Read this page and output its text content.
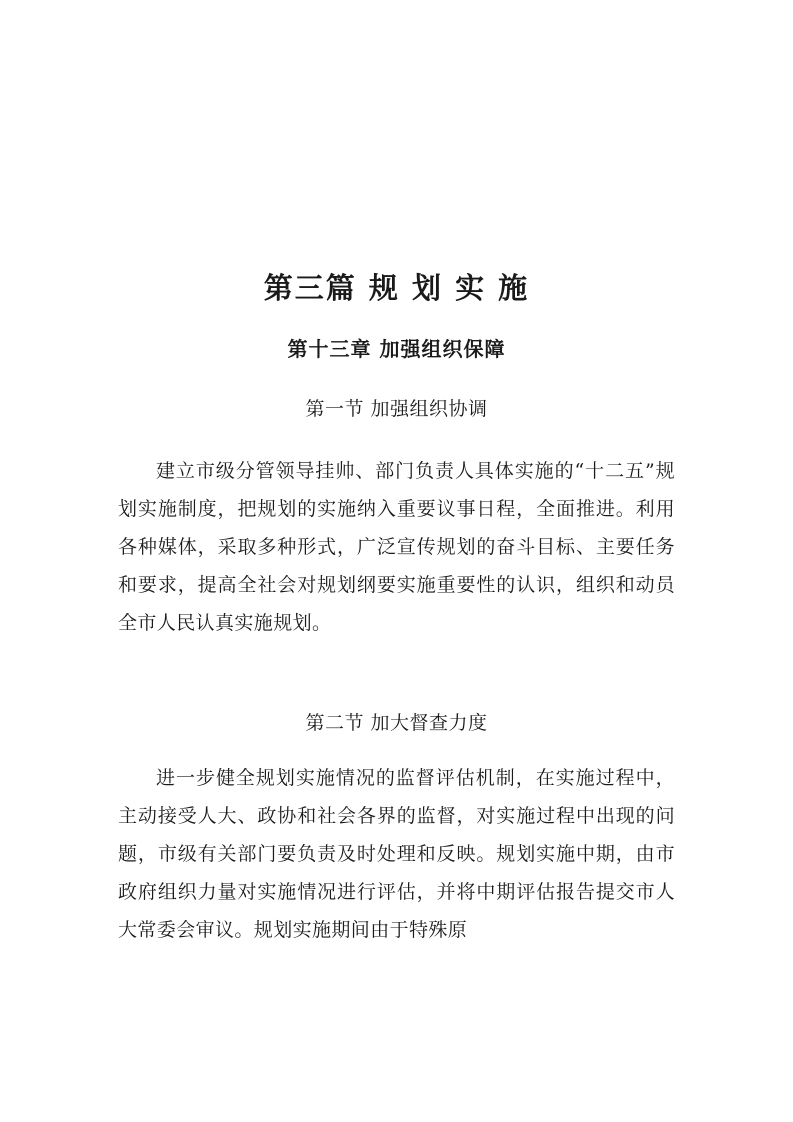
第三篇 规 划 实 施
第十三章 加强组织保障
第一节 加强组织协调

建立市级分管领导挂帅、部门负责人具体实施的“十二五”规划实施制度，把规划的实施纳入重要议事日程，全面推进。利用各种媒体，采取多种形式，广泛宣传规划的奋斗目标、主要任务和要求，提高全社会对规划纲要实施重要性的认识，组织和动员全市人民认真实施规划。

第二节 加大督查力度

进一步健全规划实施情况的监督评估机制，在实施过程中，主动接受人大、政协和社会各界的监督，对实施过程中出现的问题，市级有关部门要负责及时处理和反映。规划实施中期，由市政府组织力量对实施情况进行评估，并将中期评估报告提交市人大常委会审议。规划实施期间由于特殊原
